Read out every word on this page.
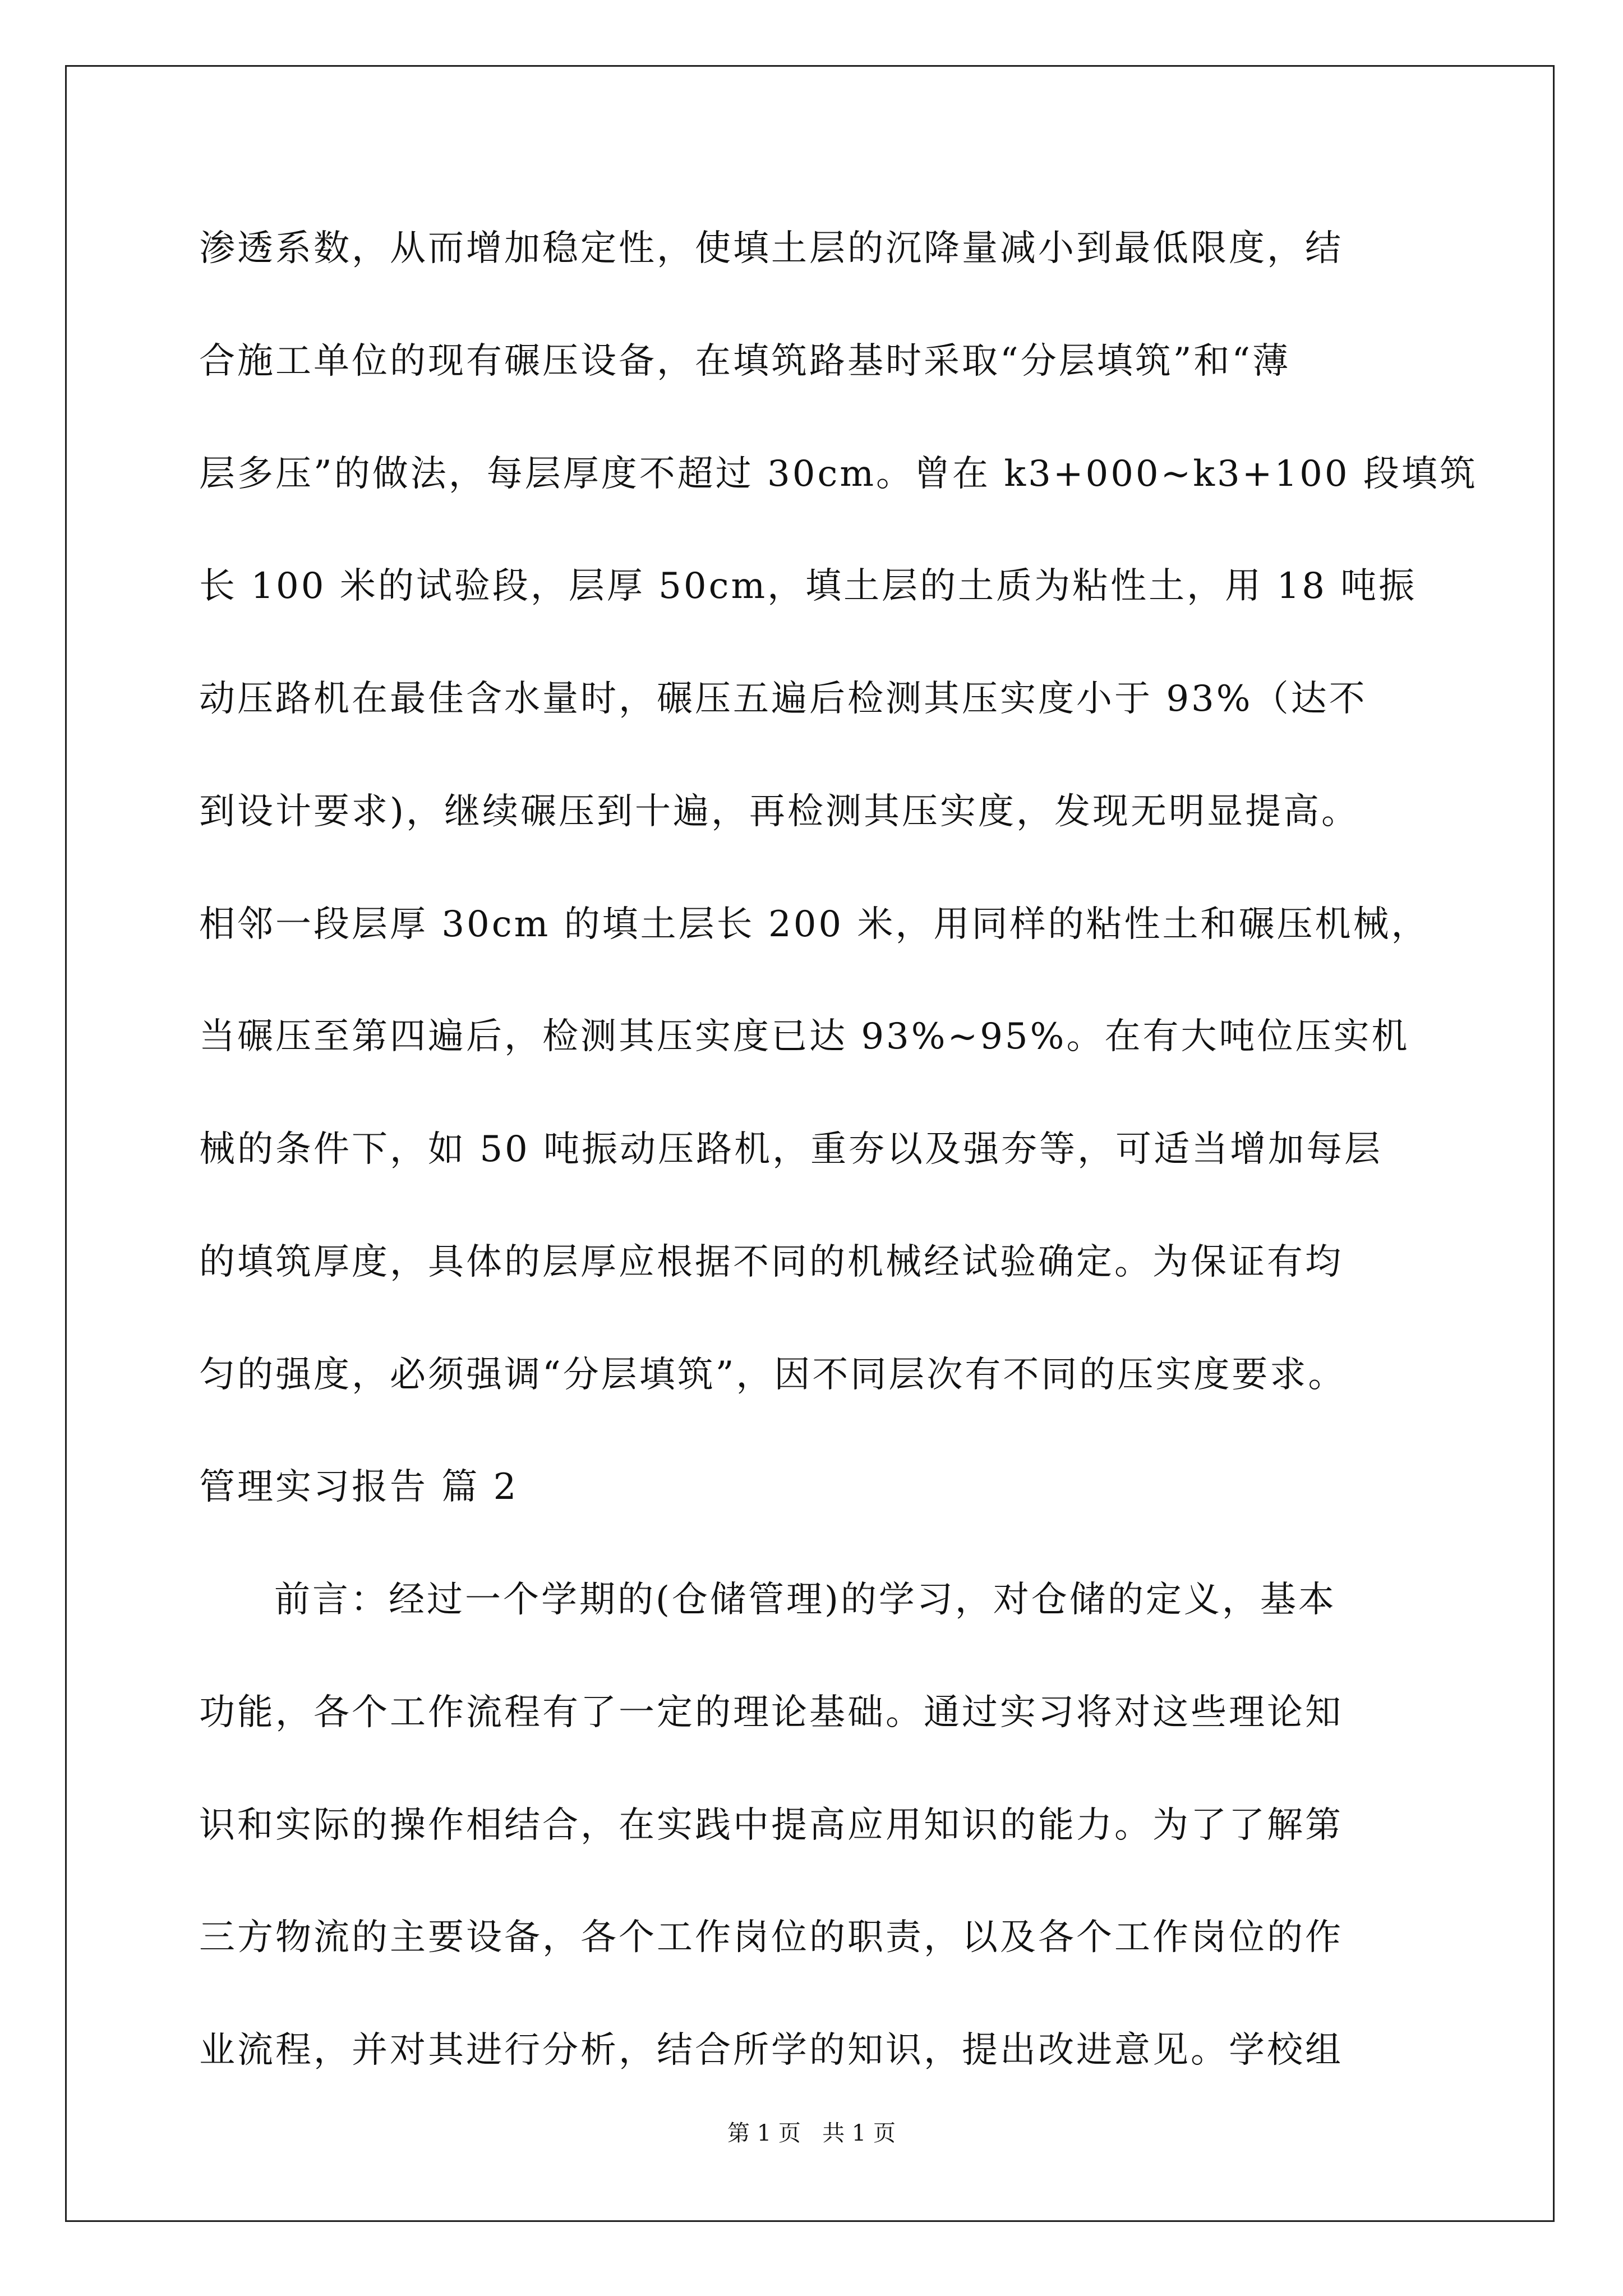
渗透系数，从而增加稳定性，使填土层的沉降量减小到最低限度，结
合施工单位的现有碾压设备，在填筑路基时采取“分层填筑”和“薄
层多压”的做法，每层厚度不超过 30cm。曾在 k3+000~k3+100 段填筑
长 100 米的试验段，层厚 50cm，填土层的土质为粘性土，用 18 吨振
动压路机在最佳含水量时，碾压五遍后检测其压实度小于 93%（达不
到设计要求)，继续碾压到十遍，再检测其压实度，发现无明显提高。
相邻一段层厚 30cm 的填土层长 200 米，用同样的粘性土和碾压机械，
当碾压至第四遍后，检测其压实度已达 93%~95%。在有大吨位压实机
械的条件下，如 50 吨振动压路机，重夯以及强夯等，可适当增加每层
的填筑厚度，具体的层厚应根据不同的机械经试验确定。为保证有均
匀的强度，必须强调“分层填筑”，因不同层次有不同的压实度要求。
管理实习报告 篇 2
前言：经过一个学期的(仓储管理)的学习，对仓储的定义，基本
功能，各个工作流程有了一定的理论基础。通过实习将对这些理论知
识和实际的操作相结合，在实践中提高应用知识的能力。为了了解第
三方物流的主要设备，各个工作岗位的职责，以及各个工作岗位的作
业流程，并对其进行分析，结合所学的知识，提出改进意见。学校组
第 1 页   共 1 页
